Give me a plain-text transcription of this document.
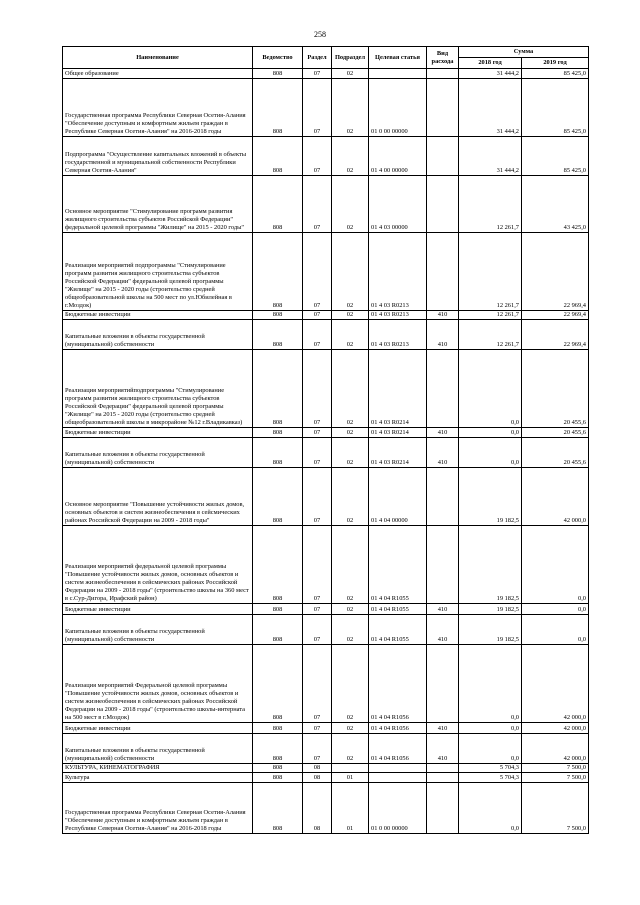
258
Наименование	Ведомство	Раздел	Подраздел	Целевая статья	Вид расхода	Сумма	
						2018 год	2019 год
Общее образование	808	07	02			31 444,2	85 425,0
Государственная программа Республики Северная Осетия-Алания "Обеспечение доступным и комфортным жильем граждан в Республике Северная Осетия-Алания" на 2016-2018 годы	808	07	02	01 0 00 00000		31 444,2	85 425,0
Подпрограмма "Осуществление капитальных вложений в объекты государственной и муниципальной собственности Республики Северная Осетия-Алания"	808	07	02	01 4 00 00000		31 444,2	85 425,0
Основное мероприятие "Стимулирование программ развития жилищного строительства субъектов Российской Федерации" федеральной целевой программы "Жилище" на 2015 - 2020 годы"	808	07	02	01 4 03 00000		12 261,7	43 425,0
Реализация мероприятий подпрограммы "Стимулирование программ развития жилищного строительства субъектов Российской Федерации" федеральной целевой программы "Жилище" на 2015 - 2020 годы (строительство средней общеобразовательной школы на 500 мест по ул.Юбилейная в г.Моздок)	808	07	02	01 4 03 R0213		12 261,7	22 969,4
Бюджетные инвестиции	808	07	02	01 4 03 R0213	410	12 261,7	22 969,4
Капитальные вложения в объекты государственной (муниципальной) собственности	808	07	02	01 4 03 R0213	410	12 261,7	22 969,4
Реализация мероприятийподпрограммы "Стимулирование программ развития жилищного строительства субъектов Российской Федерации" федеральной целевой программы "Жилище" на 2015 - 2020 годы (строительство средней общеобразовательной школы в микрорайоне №12 г.Владикавказ)	808	07	02	01 4 03 R0214		0,0	20 455,6
Бюджетные инвестиции	808	07	02	01 4 03 R0214	410	0,0	20 455,6
Капитальные вложения в объекты государственной (муниципальной) собственности	808	07	02	01 4 03 R0214	410	0,0	20 455,6
Основное мероприятие "Повышение устойчивости жилых домов, основных объектов и систем жизнеобеспечения в сейсмических районах Российской Федерации на 2009 - 2018 годы"	808	07	02	01 4 04 00000		19 182,5	42 000,0
Реализация мероприятий федеральной целевой программы "Повышение устойчивости жилых домов, основных объектов и систем жизнеобеспечения в сейсмических районах Российской Федерации на 2009 - 2018 годы" (строительство школы на 360 мест в с.Сур-Дигора, Ирафский район)	808	07	02	01 4 04 R1055		19 182,5	0,0
Бюджетные инвестиции	808	07	02	01 4 04 R1055	410	19 182,5	0,0
Капитальные вложения в объекты государственной (муниципальной) собственности	808	07	02	01 4 04 R1055	410	19 182,5	0,0
Реализация мероприятий Федеральной целевой программы "Повышение устойчивости жилых домов, основных объектов и систем жизнеобеспечения в сейсмических районах Российской Федерации на 2009 - 2018 годы" (строительство школы-интерната на 500 мест в г.Моздок)	808	07	02	01 4 04 R1056		0,0	42 000,0
Бюджетные инвестиции	808	07	02	01 4 04 R1056	410	0,0	42 000,0
Капитальные вложения в объекты государственной (муниципальной) собственности	808	07	02	01 4 04 R1056	410	0,0	42 000,0
КУЛЬТУРА, КИНЕМАТОГРАФИЯ	808	08				5 704,3	7 500,0
Культура	808	08	01			5 704,3	7 500,0
Государственная программа Республики Северная Осетия-Алания "Обеспечение доступным и комфортным жильем граждан в Республике Северная Осетия-Алания" на 2016-2018 годы	808	08	01	01 0 00 00000		0,0	7 500,0
